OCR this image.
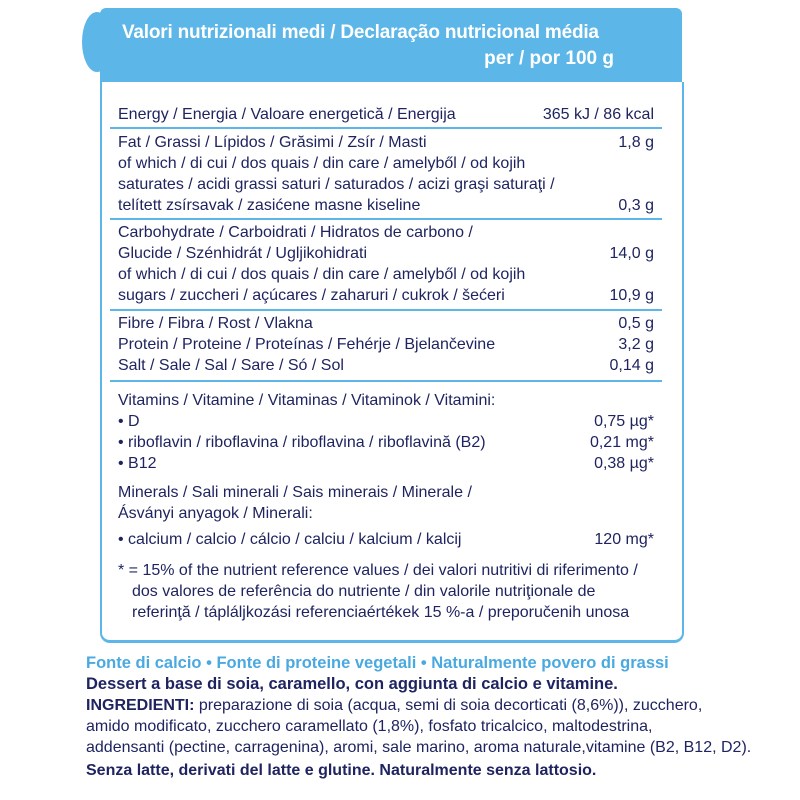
Valori nutrizionali medi / Declaração nutricional média
per / por 100 g
Energy / Energia / Valoare energetică / Energija	365 kJ / 86 kcal
Fat / Grassi / Lípidos / Grăsimi / Zsír / Masti	1,8 g
of which / di cui / dos quais / din care / amelyből / od kojih
saturates / acidi grassi saturi / saturados / acizi graşi saturaţi /
telített zsírsavak / zasićene masne kiseline	0,3 g
Carbohydrate / Carboidrati / Hidratos de carbono /
Glucide / Szénhidrát / Ugljikohidrati	14,0 g
of which / di cui / dos quais / din care / amelyből / od kojih
sugars / zuccheri / açúcares / zaharuri / cukrok / šećeri	10,9 g
Fibre / Fibra / Rost / Vlakna	0,5 g
Protein / Proteine / Proteínas / Fehérje / Bjelančevine	3,2 g
Salt / Sale / Sal / Sare / Só / Sol	0,14 g
Vitamins / Vitamine / Vitaminas / Vitaminok / Vitamini:
• D	0,75 µg*
• riboflavin / riboflavina / riboflavina / riboflavină (B2)	0,21 mg*
• B12	0,38 µg*
Minerals / Sali minerali / Sais minerais / Minerale /
Ásványi anyagok / Minerali:
• calcium / calcio / cálcio / calciu / kalcium / kalcij	120 mg*
* = 15% of the nutrient reference values / dei valori nutritivi di riferimento /
dos valores de referência do nutriente / din valorile nutriţionale de
referinţă / tápláljkozási referenciaértékek 15 %-a / preporučenih unosa
Fonte di calcio • Fonte di proteine vegetali • Naturalmente povero di grassi
Dessert a base di soia, caramello, con aggiunta di calcio e vitamine.
INGREDIENTI: preparazione di soia (acqua, semi di soia decorticati (8,6%)), zucchero,
amido modificato, zucchero caramellato (1,8%), fosfato tricalcico, maltodestrina,
addensanti (pectine, carragenina), aromi, sale marino, aroma naturale,vitamine (B2, B12, D2).
Senza latte, derivati del latte e glutine. Naturalmente senza lattosio.
